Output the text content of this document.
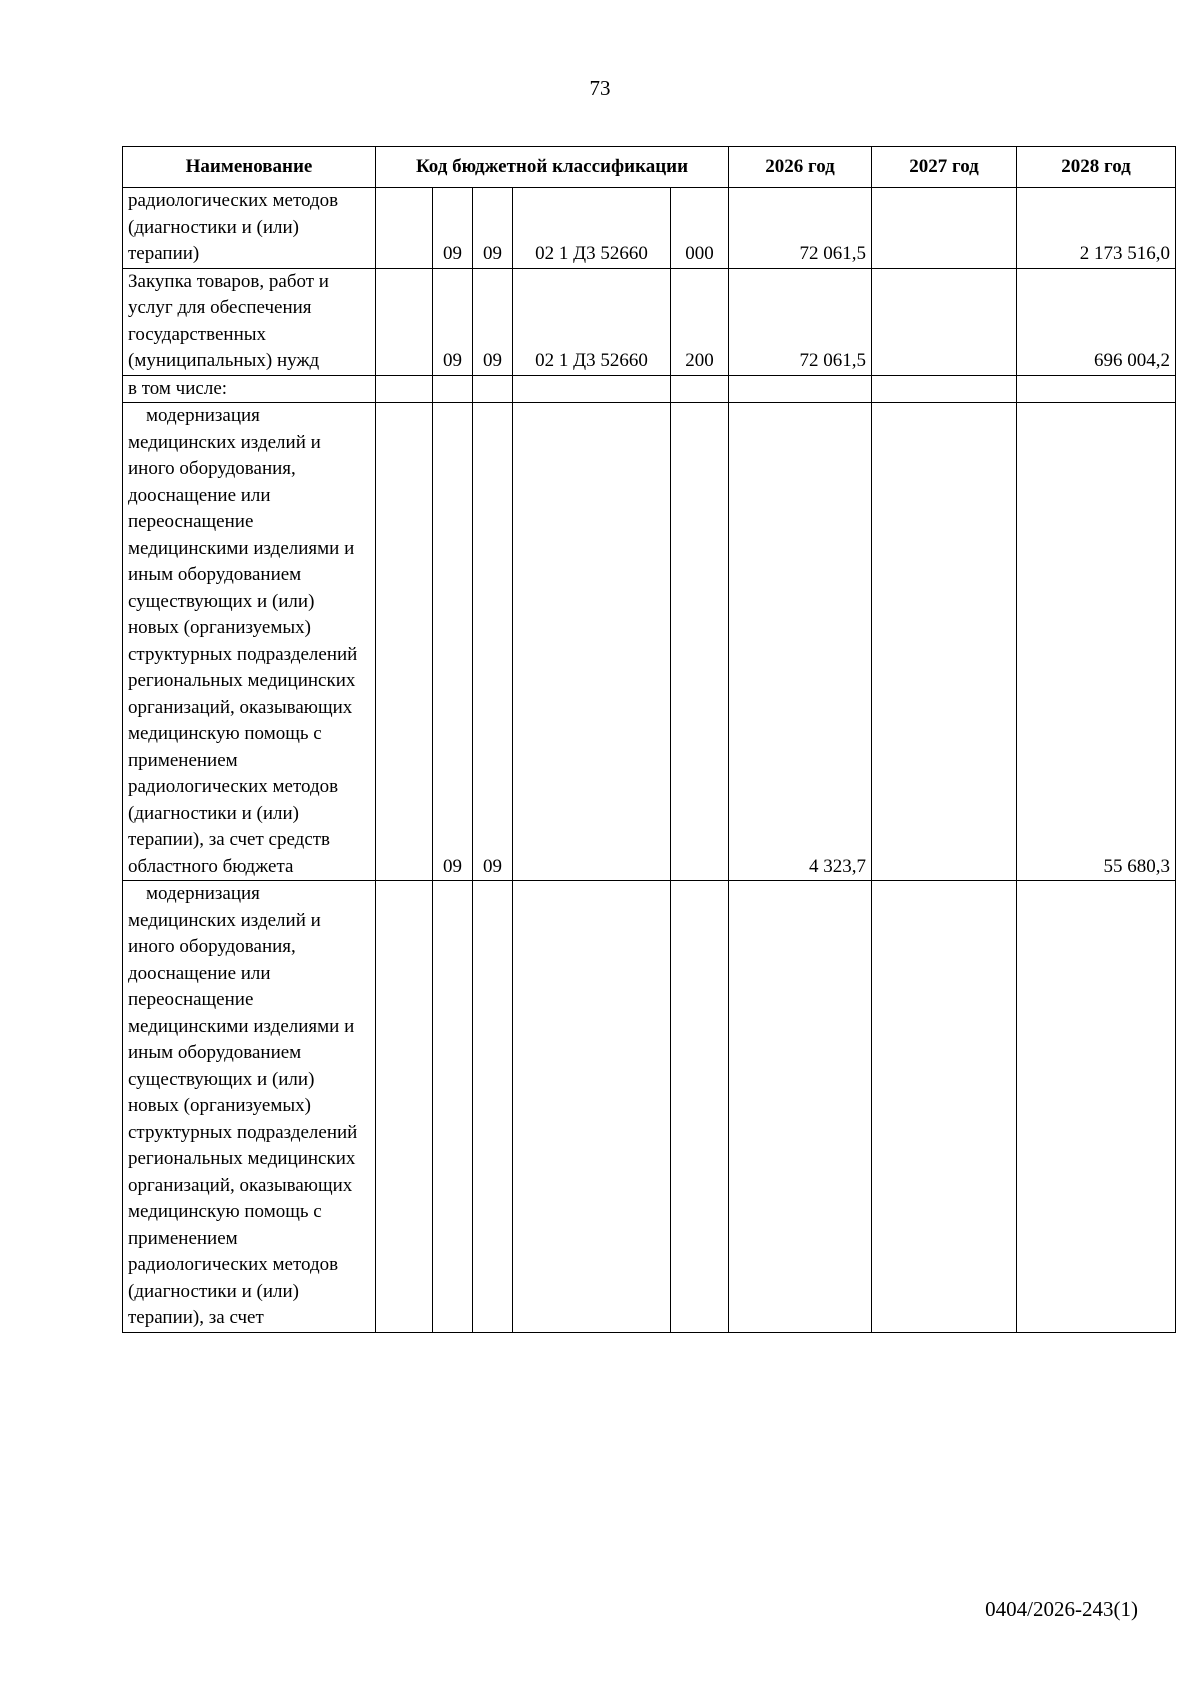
73
Наименование	Код бюджетной классификации					2026 год	2027 год	2028 год
радиологических методов (диагностики и (или) терапии)		09	09	02 1 Д3 52660	000	72 061,5		2 173 516,0
Закупка товаров, работ и услуг для обеспечения государственных (муниципальных) нужд		09	09	02 1 Д3 52660	200	72 061,5		696 004,2
в том числе:								

модернизация медицинских изделий и иного оборудования, дооснащение или переоснащение медицинскими изделиями и иным оборудованием существующих и (или) новых (организуемых) структурных подразделений региональных медицинских организаций, оказывающих медицинскую помощь с применением радиологических методов (диагностики и (или) терапии), за счет средств областного бюджета		09	09			4 323,7		55 680,3

модернизация медицинских изделий и иного оборудования, дооснащение или переоснащение медицинскими изделиями и иным оборудованием существующих и (или) новых (организуемых) структурных подразделений региональных медицинских организаций, оказывающих медицинскую помощь с применением радиологических методов (диагностики и (или) терапии), за счет								

0404/2026-243(1)
